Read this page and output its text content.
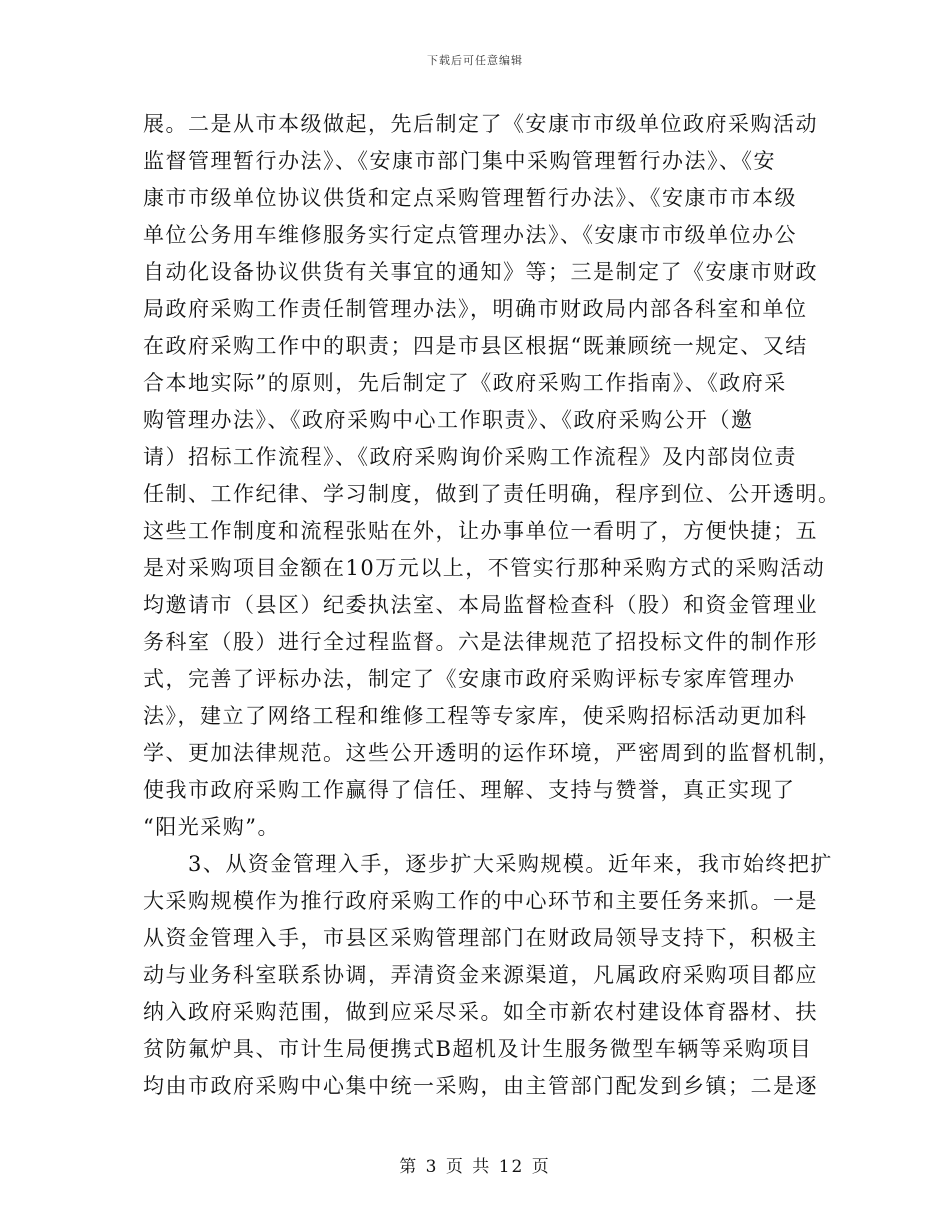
下载后可任意编辑
展。二是从市本级做起，先后制定了《安康市市级单位政府采购活动
监督管理暂行办法》、《安康市部门集中采购管理暂行办法》、《安
康市市级单位协议供货和定点采购管理暂行办法》、《安康市市本级
单位公务用车维修服务实行定点管理办法》、《安康市市级单位办公
自动化设备协议供货有关事宜的通知》等；三是制定了《安康市财政
局政府采购工作责任制管理办法》，明确市财政局内部各科室和单位
在政府采购工作中的职责；四是市县区根据“既兼顾统一规定、又结
合本地实际”的原则，先后制定了《政府采购工作指南》、《政府采
购管理办法》、《政府采购中心工作职责》、《政府采购公开（邀
请）招标工作流程》、《政府采购询价采购工作流程》及内部岗位责
任制、工作纪律、学习制度，做到了责任明确，程序到位、公开透明。
这些工作制度和流程张贴在外，让办事单位一看明了，方便快捷；五
是对采购项目金额在10万元以上，不管实行那种采购方式的采购活动
均邀请市（县区）纪委执法室、本局监督检查科（股）和资金管理业
务科室（股）进行全过程监督。六是法律规范了招投标文件的制作形
式，完善了评标办法，制定了《安康市政府采购评标专家库管理办
法》，建立了网络工程和维修工程等专家库，使采购招标活动更加科
学、更加法律规范。这些公开透明的运作环境，严密周到的监督机制，
使我市政府采购工作赢得了信任、理解、支持与赞誉，真正实现了
“阳光采购”。
　　3、从资金管理入手，逐步扩大采购规模。近年来，我市始终把扩
大采购规模作为推行政府采购工作的中心环节和主要任务来抓。一是
从资金管理入手，市县区采购管理部门在财政局领导支持下，积极主
动与业务科室联系协调，弄清资金来源渠道，凡属政府采购项目都应
纳入政府采购范围，做到应采尽采。如全市新农村建设体育器材、扶
贫防氟炉具、市计生局便携式B超机及计生服务微型车辆等采购项目
均由市政府采购中心集中统一采购，由主管部门配发到乡镇；二是逐
第 3 页 共 12 页
